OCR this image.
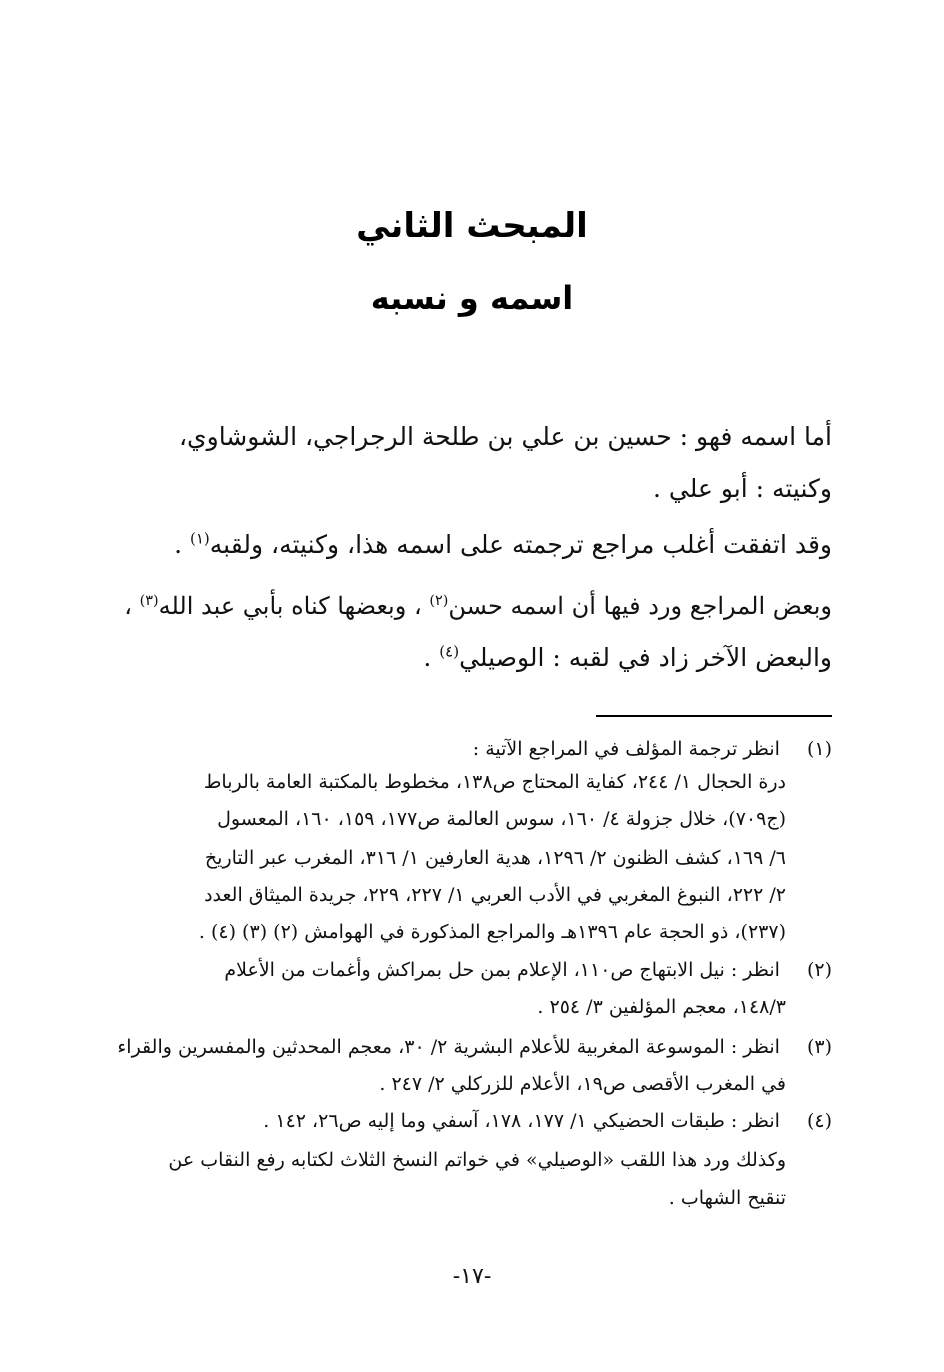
المبحث الثاني
اسمه و نسبه
أما اسمه فهو : حسين بن علي بن طلحة الرجراجي، الشوشاوي،
وكنيته : أبو علي .
وقد اتفقت أغلب مراجع ترجمته على اسمه هذا، وكنيته، ولقبه$^{(١)}$ .
وبعض المراجع ورد فيها أن اسمه حسن$^{(٢)}$ ، وبعضها كناه بأبي عبد الله$^{(٣)}$ ،
والبعض الآخر زاد في لقبه : الوصيلي$^{(٤)}$ .
(١) انظر ترجمة المؤلف في المراجع الآتية :
درة الحجال ١/ ٢٤٤، كفاية المحتاج ص١٣٨، مخطوط بالمكتبة العامة بالرباط
(ج٧٠٩)، خلال جزولة ٤/ ١٦٠، سوس العالمة ص١٧٧، ١٥٩، ١٦٠، المعسول
٦/ ١٦٩، كشف الظنون ٢/ ١٢٩٦، هدية العارفين ١/ ٣١٦، المغرب عبر التاريخ
٢/ ٢٢٢، النبوغ المغربي في الأدب العربي ١/ ٢٢٧، ٢٢٩، جريدة الميثاق العدد
(٢٣٧)، ذو الحجة عام ١٣٩٦هـ والمراجع المذكورة في الهوامش (٢) (٣) (٤) .
(٢) انظر : نيل الابتهاج ص١١٠، الإعلام بمن حل بمراكش وأغمات من الأعلام
١٤٨/٣، معجم المؤلفين ٣/ ٢٥٤ .
(٣) انظر : الموسوعة المغربية للأعلام البشرية ٢/ ٣٠، معجم المحدثين والمفسرين والقراء
في المغرب الأقصى ص١٩، الأعلام للزركلي ٢/ ٢٤٧ .
(٤) انظر : طبقات الحضيكي ١/ ١٧٧، ١٧٨، آسفي وما إليه ص٢٦، ١٤٢ .
وكذلك ورد هذا اللقب «الوصيلي» في خواتم النسخ الثلاث لكتابه رفع النقاب عن
تنقيح الشهاب .
-١٧-
